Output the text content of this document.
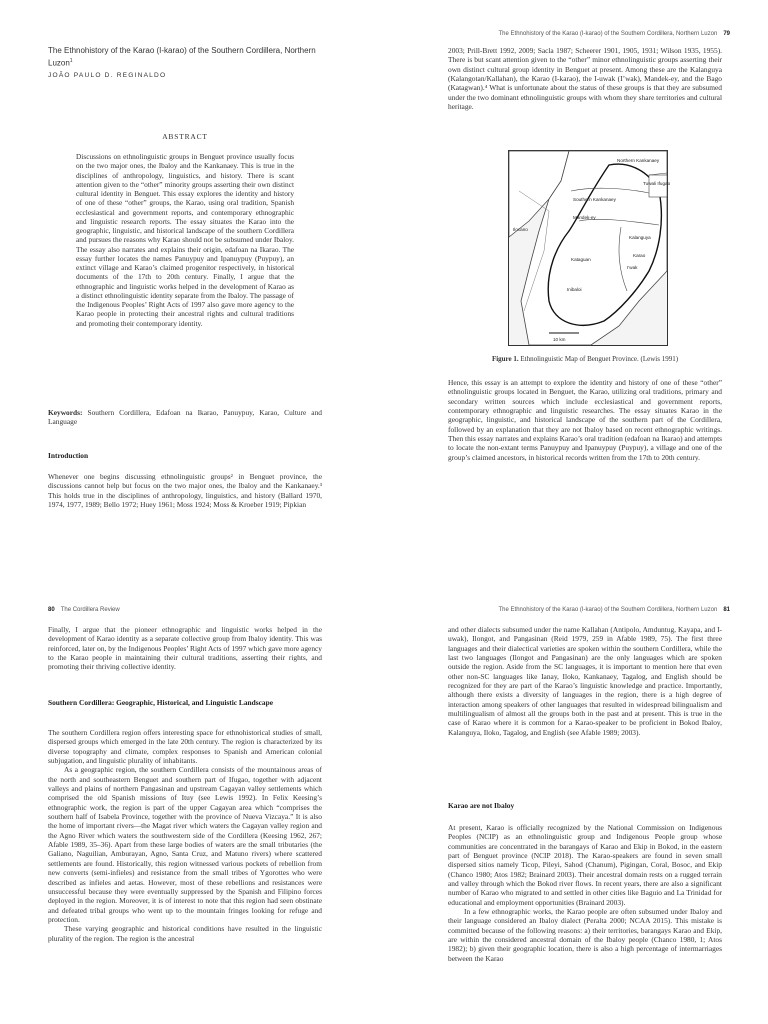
The Ethnohistory of the Karao (I-karao) of the Southern Cordillera, Northern Luzon$^1$
JOÃO PAULO D. REGINALDO
ABSTRACT
Discussions on ethnolinguistic groups in Benguet province usually focus on the two major ones, the Ibaloy and the Kankanaey. This is true in the disciplines of anthropology, linguistics, and history. There is scant attention given to the “other” minority groups asserting their own distinct cultural identity in Benguet. This essay explores the identity and history of one of these “other” groups, the Karao, using oral tradition, Spanish ecclesiastical and government reports, and contemporary ethnographic and linguistic research reports. The essay situates the Karao into the geographic, linguistic, and historical landscape of the southern Cordillera and pursues the reasons why Karao should not be subsumed under Ibaloy. The essay also narrates and explains their origin, edafoan na Ikarao. The essay further locates the names Panuypuy and Ipanuypuy (Puypuy), an extinct village and Karao’s claimed progenitor respectively, in historical documents of the 17th to 20th century. Finally, I argue that the ethnographic and linguistic works helped in the development of Karao as a distinct ethnolinguistic identity separate from the Ibaloy. The passage of the Indigenous Peoples’ Right Acts of 1997 also gave more agency to the Karao people in protecting their ancestral rights and cultural traditions and promoting their contemporary identity.

Keywords: Southern Cordillera, Edafoan na Ikarao, Panuypuy, Karao, Culture and Language

Introduction

Whenever one begins discussing ethnolinguistic groups² in Benguet province, the discussions cannot help but focus on the two major ones, the Ibaloy and the Kankanaey.³ This holds true in the disciplines of anthropology, linguistics, and history (Ballard 1970, 1974, 1977, 1989; Bello 1972; Huey 1961; Moss 1924; Moss & Kroeber 1919; Pipkian
The Ethnohistory of the Karao (I-karao) of the Southern Cordillera, Northern Luzon 79
2003; Prill-Brett 1992, 2009; Sacla 1987; Scheerer 1901, 1905, 1931; Wilson 1935, 1955). There is but scant attention given to the “other” minor ethnolinguistic groups asserting their own distinct cultural group identity in Benguet at present. Among these are the Kalanguya (Kalangotan/Kallahan), the Karao (I-karao), the I-uwak (I’wak), Mandek-ey, and the Bago (Katagwan).⁴ What is unfortunate about the status of these groups is that they are subsumed under the two dominant ethnolinguistic groups with whom they share territories and cultural heritage.
Northern Kankanaey
Tuwali Ifugao
Southern Kankanaey
Mandek-ey
Ilocano
Kalanguya
Karao
I’wak
Kataguan
Inibaloi
10 km
Figure 1. Ethnolinguistic Map of Benguet Province. (Lewis 1991)
Hence, this essay is an attempt to explore the identity and history of one of these “other” ethnolinguistic groups located in Benguet, the Karao, utilizing oral traditions, primary and secondary written sources which include ecclesiastical and government reports, contemporary ethnographic and linguistic researches. The essay situates Karao in the geographic, linguistic, and historical landscape of the southern part of the Cordillera, followed by an explanation that they are not Ibaloy based on recent ethnographic writings. Then this essay narrates and explains Karao’s oral tradition (edafoan na Ikarao) and attempts to locate the non-extant terms Panuypuy and Ipanuypuy (Puypuy), a village and one of the group’s claimed ancestors, in historical records written from the 17th to 20th century.
80 The Cordillera Review
Finally, I argue that the pioneer ethnographic and linguistic works helped in the development of Karao identity as a separate collective group from Ibaloy identity. This was reinforced, later on, by the Indigenous Peoples’ Right Acts of 1997 which gave more agency to the Karao people in maintaining their cultural traditions, asserting their rights, and promoting their thriving collective identity.

Southern Cordillera: Geographic, Historical, and Linguistic Landscape

The southern Cordillera region offers interesting space for ethnohistorical studies of small, dispersed groups which emerged in the late 20th century. The region is characterized by its diverse topography and climate, complex responses to Spanish and American colonial subjugation, and linguistic plurality of inhabitants.

As a geographic region, the southern Cordillera consists of the mountainous areas of the north and southeastern Benguet and southern part of Ifugao, together with adjacent valleys and plains of northern Pangasinan and upstream Cagayan valley settlements which comprised the old Spanish missions of Ituy (see Lewis 1992). In Felix Keesing’s ethnographic work, the region is part of the upper Cagayan area which “comprises the southern half of Isabela Province, together with the province of Nueva Vizcaya.” It is also the home of important rivers—the Magat river which waters the Cagayan valley region and the Agno River which waters the southwestern side of the Cordillera (Keesing 1962, 267; Afable 1989, 35–36). Apart from these large bodies of waters are the small tributaries (the Galiano, Naguilian, Amburayan, Agno, Santa Cruz, and Matuno rivers) where scattered settlements are found. Historically, this region witnessed various pockets of rebellion from new converts (semi-infieles) and resistance from the small tribes of Ygorottes who were described as infieles and aetas. However, most of these rebellions and resistances were unsuccessful because they were eventually suppressed by the Spanish and Filipino forces deployed in the region. Moreover, it is of interest to note that this region had seen obstinate and defeated tribal groups who went up to the mountain fringes looking for refuge and protection.

These varying geographic and historical conditions have resulted in the linguistic plurality of the region. The region is the ancestral

The Ethnohistory of the Karao (I-karao) of the Southern Cordillera, Northern Luzon 81
and other dialects subsumed under the name Kallahan (Antipolo, Amduntug, Kayapa, and I-uwak), Ilongot, and Pangasinan (Reid 1979, 259 in Afable 1989, 75). The first three languages and their dialectical varieties are spoken within the southern Cordillera, while the last two languages (Ilongot and Pangasinan) are the only languages which are spoken outside the region. Aside from the SC languages, it is important to mention here that even other non-SC languages like Ianay, Iloko, Kankanaey, Tagalog, and English should be recognized for they are part of the Karao’s linguistic knowledge and practice. Importantly, although there exists a diversity of languages in the region, there is a high degree of interaction among speakers of other languages that resulted in widespread bilingualism and multilingualism of almost all the groups both in the past and at present. This is true in the case of Karao where it is common for a Karao-speaker to be proficient in Bokod Ibaloy, Kalanguya, Iloko, Tagalog, and English (see Afable 1989; 2003).

Karao are not Ibaloy

At present, Karao is officially recognized by the National Commission on Indigenous Peoples (NCIP) as an ethnolinguistic group and Indigenous People group whose communities are concentrated in the barangays of Karao and Ekip in Bokod, in the eastern part of Benguet province (NCIP 2018). The Karao-speakers are found in seven small dispersed sitios namely Ticop, Pileyi, Sahod (Chanum), Pigingan, Coral, Bosoc, and Ekip (Chanco 1980; Atos 1982; Brainard 2003). Their ancestral domain rests on a rugged terrain and valley through which the Bokod river flows. In recent years, there are also a significant number of Karao who migrated to and settled in other cities like Baguio and La Trinidad for educational and employment opportunities (Brainard 2003).

In a few ethnographic works, the Karao people are often subsumed under Ibaloy and their language considered an Ibaloy dialect (Peralta 2000; NCAA 2015). This mistake is committed because of the following reasons: a) their territories, barangays Karao and Ekip, are within the considered ancestral domain of the Ibaloy people (Chanco 1980, 1; Atos 1982); b) given their geographic location, there is also a high percentage of intermarriages between the Karao
